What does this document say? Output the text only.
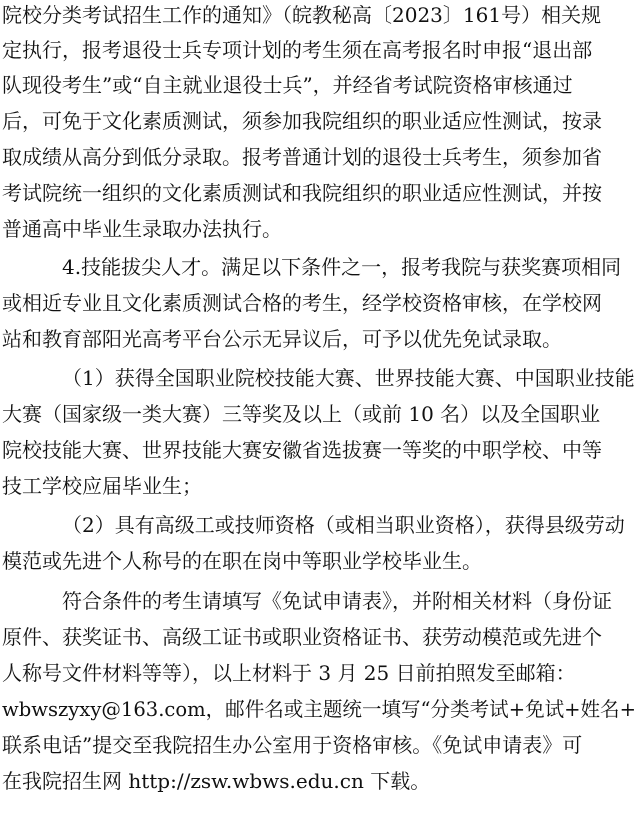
院校分类考试招生工作的通知》（皖教秘高〔2023〕161号）相关规
定执行，报考退役士兵专项计划的考生须在高考报名时申报“退出部
队现役考生”或“自主就业退役士兵”，并经省考试院资格审核通过
后，可免于文化素质测试，须参加我院组织的职业适应性测试，按录
取成绩从高分到低分录取。报考普通计划的退役士兵考生，须参加省
考试院统一组织的文化素质测试和我院组织的职业适应性测试，并按
普通高中毕业生录取办法执行。
4.技能拔尖人才。满足以下条件之一，报考我院与获奖赛项相同
或相近专业且文化素质测试合格的考生，经学校资格审核，在学校网
站和教育部阳光高考平台公示无异议后，可予以优先免试录取。
（1）获得全国职业院校技能大赛、世界技能大赛、中国职业技能
大赛（国家级一类大赛）三等奖及以上（或前 10 名）以及全国职业
院校技能大赛、世界技能大赛安徽省选拔赛一等奖的中职学校、中等
技工学校应届毕业生；
（2）具有高级工或技师资格（或相当职业资格），获得县级劳动
模范或先进个人称号的在职在岗中等职业学校毕业生。
符合条件的考生请填写《免试申请表》，并附相关材料（身份证
原件、获奖证书、高级工证书或职业资格证书、获劳动模范或先进个
人称号文件材料等等），以上材料于 3 月 25 日前拍照发至邮箱：
wbwszyxy@163.com，邮件名或主题统一填写“分类考试+免试+姓名+
联系电话”提交至我院招生办公室用于资格审核。《免试申请表》可
在我院招生网 http://zsw.wbws.edu.cn 下载。
